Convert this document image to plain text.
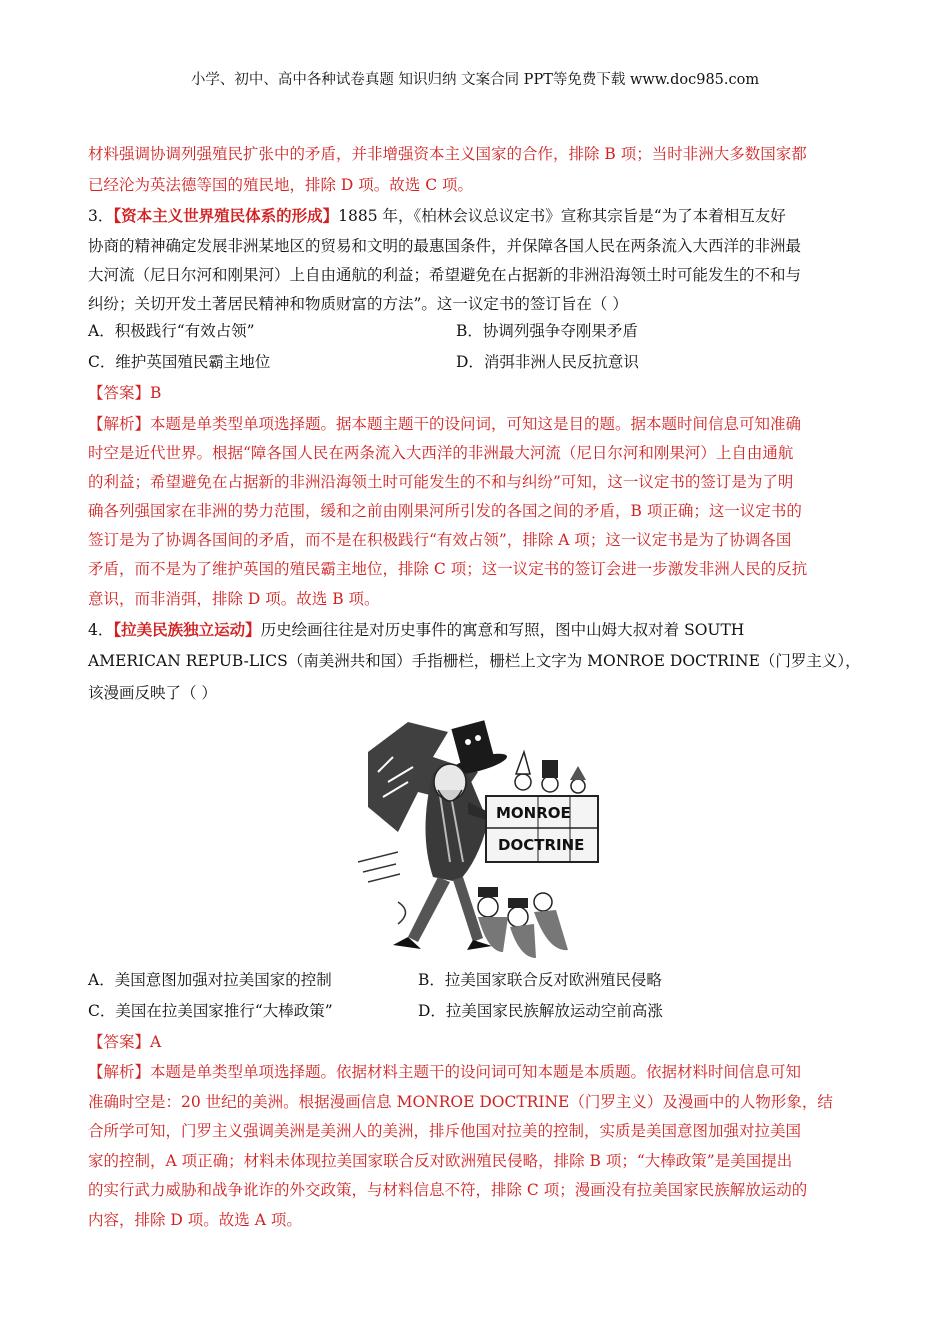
小学、初中、高中各种试卷真题 知识归纳 文案合同 PPT等免费下载 www.doc985.com
材料强调协调列强殖民扩张中的矛盾，并非增强资本主义国家的合作，排除 B 项；当时非洲大多数国家都
已经沦为英法德等国的殖民地，排除 D 项。故选 C 项。
3．【资本主义世界殖民体系的形成】1885 年，《柏林会议总议定书》宣称其宗旨是“为了本着相互友好
协商的精神确定发展非洲某地区的贸易和文明的最惠国条件，并保障各国人民在两条流入大西洋的非洲最
大河流（尼日尔河和刚果河）上自由通航的利益；希望避免在占据新的非洲沿海领土时可能发生的不和与
纠纷；关切开发土著居民精神和物质财富的方法”。这一议定书的签订旨在（ ）
A．积极践行“有效占领”	B．协调列强争夺刚果矛盾
C．维护英国殖民霸主地位	D．消弭非洲人民反抗意识
【答案】B
【解析】本题是单类型单项选择题。据本题主题干的设问词，可知这是目的题。据本题时间信息可知准确
时空是近代世界。根据“障各国人民在两条流入大西洋的非洲最大河流（尼日尔河和刚果河）上自由通航
的利益；希望避免在占据新的非洲沿海领土时可能发生的不和与纠纷”可知，这一议定书的签订是为了明
确各列强国家在非洲的势力范围，缓和之前由刚果河所引发的各国之间的矛盾，B 项正确；这一议定书的
签订是为了协调各国间的矛盾，而不是在积极践行“有效占领”，排除 A 项；这一议定书是为了协调各国
矛盾，而不是为了维护英国的殖民霸主地位，排除 C 项；这一议定书的签订会进一步激发非洲人民的反抗
意识，而非消弭，排除 D 项。故选 B 项。
4．【拉美民族独立运动】历史绘画往往是对历史事件的寓意和写照，图中山姆大叔对着 SOUTH
AMERICAN REPUB-LICS（南美洲共和国）手指栅栏，栅栏上文字为 MONROE DOCTRINE（门罗主义），
该漫画反映了（ ）
MONROE
DOCTRINE
A．美国意图加强对拉美国家的控制	B．拉美国家联合反对欧洲殖民侵略
C．美国在拉美国家推行“大棒政策”	D．拉美国家民族解放运动空前高涨
【答案】A
【解析】本题是单类型单项选择题。依据材料主题干的设问词可知本题是本质题。依据材料时间信息可知
准确时空是：20 世纪的美洲。根据漫画信息 MONROE DOCTRINE（门罗主义）及漫画中的人物形象，结
合所学可知，门罗主义强调美洲是美洲人的美洲，排斥他国对拉美的控制，实质是美国意图加强对拉美国
家的控制，A 项正确；材料未体现拉美国家联合反对欧洲殖民侵略，排除 B 项；“大棒政策”是美国提出
的实行武力威胁和战争讹诈的外交政策，与材料信息不符，排除 C 项；漫画没有拉美国家民族解放运动的
内容，排除 D 项。故选 A 项。
